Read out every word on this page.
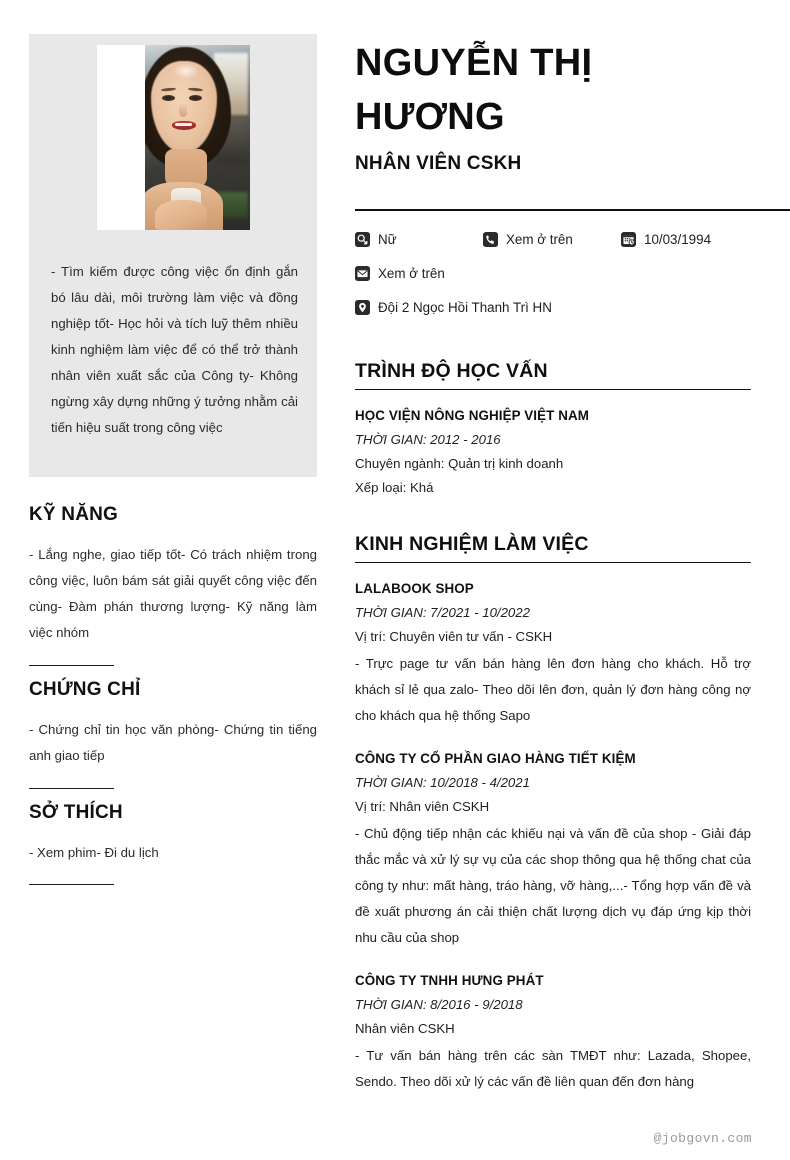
- Tìm kiếm được công việc ổn định gắn bó lâu dài, môi trường làm việc và đồng nghiệp tốt- Học hỏi và tích luỹ thêm nhiều kinh nghiệm làm việc để có thể trở thành nhân viên xuất sắc của Công ty- Không ngừng xây dựng những ý tưởng nhằm cải tiến hiệu suất trong công việc

KỸ NĂNG

- Lắng nghe, giao tiếp tốt- Có trách nhiệm trong công việc, luôn bám sát giải quyết công việc đến cùng- Đàm phán thương lượng- Kỹ năng làm việc nhóm

CHỨNG CHỈ

- Chứng chỉ tin học văn phòng- Chứng tin tiếng anh giao tiếp

SỞ THÍCH

- Xem phim- Đi du lịch

NGUYỄN THỊ HƯƠNG
NHÂN VIÊN CSKH
Nữ	Xem ở trên	10/03/1994
Xem ở trên
Đội 2 Ngọc Hồi Thanh Trì HN
TRÌNH ĐỘ HỌC VẤN

HỌC VIỆN NÔNG NGHIỆP VIỆT NAM

THỜI GIAN: 2012 - 2016

Chuyên ngành: Quản trị kinh doanh

Xếp loại: Khá

KINH NGHIỆM LÀM VIỆC

LALABOOK SHOP

THỜI GIAN: 7/2021 - 10/2022

Vị trí: Chuyên viên tư vấn - CSKH

- Trực page tư vấn bán hàng lên đơn hàng cho khách. Hỗ trợ khách sỉ lẻ qua zalo- Theo dõi lên đơn, quản lý đơn hàng công nợ cho khách qua hệ thống Sapo

CÔNG TY CỔ PHẦN GIAO HÀNG TIẾT KIỆM

THỜI GIAN: 10/2018 - 4/2021

Vị trí: Nhân viên CSKH

- Chủ động tiếp nhận các khiếu nại và vấn đề của shop - Giải đáp thắc mắc và xử lý sự vụ của các shop thông qua hệ thống chat của công ty như: mất hàng, tráo hàng, vỡ hàng,...- Tổng hợp vấn đề và đề xuất phương án cải thiện chất lượng dịch vụ đáp ứng kịp thời nhu cầu của shop

CÔNG TY TNHH HƯNG PHÁT

THỜI GIAN: 8/2016 - 9/2018

Nhân viên CSKH

- Tư vấn bán hàng trên các sàn TMĐT như: Lazada, Shopee, Sendo. Theo dõi xử lý các vấn đề liên quan đến đơn hàng

@jobgovn.com
